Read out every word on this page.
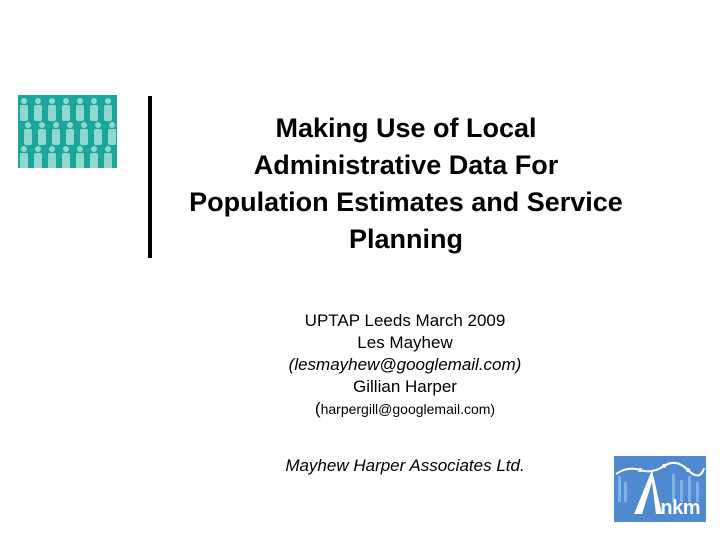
Making Use of Local
Administrative Data For
Population Estimates and Service
Planning
UPTAP Leeds March 2009
Les Mayhew
(lesmayhew@googlemail.com)
Gillian Harper
(harpergill@googlemail.com)
Mayhew Harper Associates Ltd.
nkm
